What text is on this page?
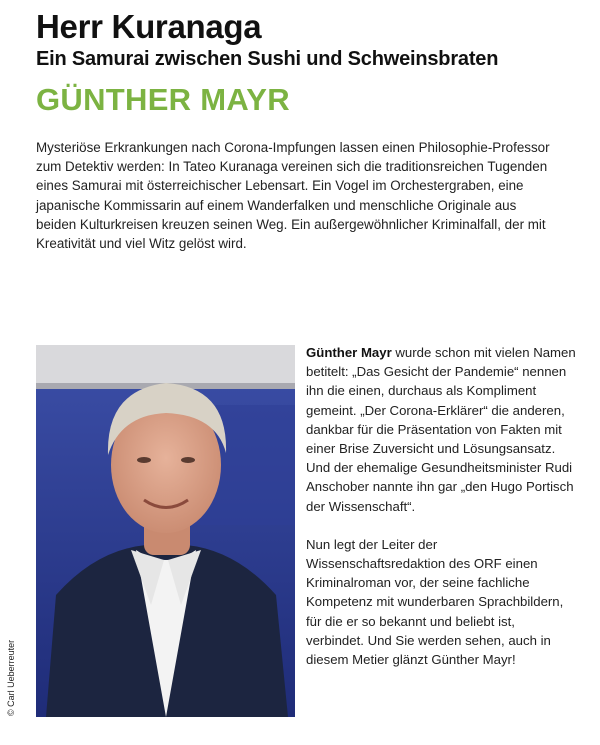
Herr Kuranaga
Ein Samurai zwischen Sushi und Schweinsbraten
GÜNTHER MAYR

Mysteriöse Erkrankungen nach Corona-Impfungen lassen einen Philosophie-Professor zum Detektiv werden: In Tateo Kuranaga vereinen sich die traditionsreichen Tugenden eines Samurai mit österreichischer Lebensart. Ein Vogel im Orchestergraben, eine japanische Kommissarin auf einem Wanderfalken und menschliche Originale aus beiden Kulturkreisen kreuzen seinen Weg. Ein außergewöhnlicher Kriminalfall, der mit Kreativität und viel Witz gelöst wird.

© Carl Ueberreuter

Günther Mayr wurde schon mit vielen Namen betitelt: „Das Gesicht der Pandemie“ nennen ihn die einen, durchaus als Kompliment gemeint. „Der Corona-Erklärer“ die anderen, dankbar für die Präsentation von Fakten mit einer Brise Zuversicht und Lösungsansatz. Und der ehemalige Gesundheitsminister Rudi Anschober nannte ihn gar „den Hugo Portisch der Wissenschaft“.

Nun legt der Leiter der Wissenschaftsredaktion des ORF einen Kriminalroman vor, der seine fachliche Kompetenz mit wunderbaren Sprachbildern, für die er so bekannt und beliebt ist, verbindet. Und Sie werden sehen, auch in diesem Metier glänzt Günther Mayr!
